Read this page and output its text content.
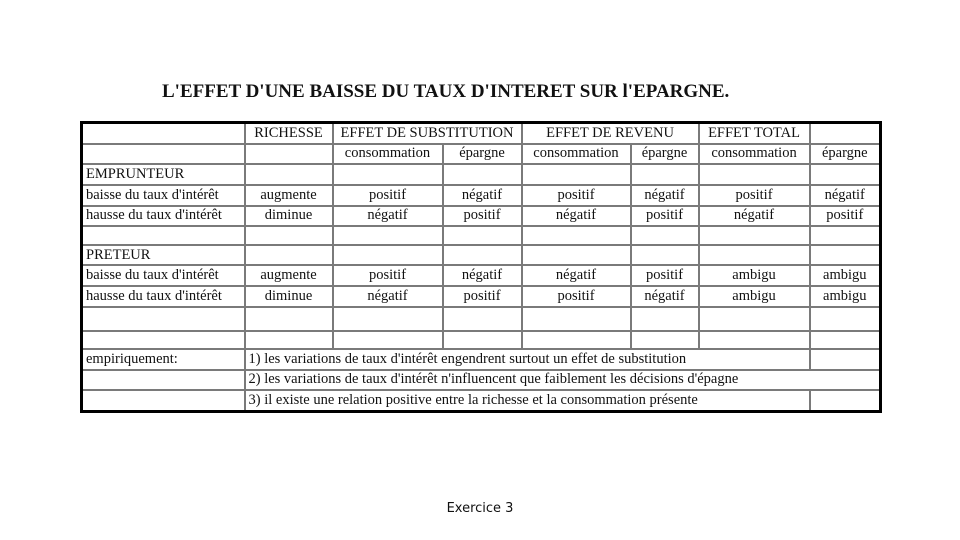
L'EFFET D'UNE BAISSE DU TAUX D'INTERET SUR l'EPARGNE.
	RICHESSE	EFFET DE SUBSTITUTION		EFFET DE REVENU		EFFET TOTAL	
		consommation	épargne	consommation	épargne	consommation	épargne
EMPRUNTEUR							
baisse du taux d'intérêt	augmente	positif	négatif	positif	négatif	positif	négatif
hausse du taux d'intérêt	diminue	négatif	positif	négatif	positif	négatif	positif

PRETEUR							
baisse du taux d'intérêt	augmente	positif	négatif	négatif	positif	ambigu	ambigu
hausse du taux d'intérêt	diminue	négatif	positif	positif	négatif	ambigu	ambigu

empiriquement:	1) les variations de taux d'intérêt engendrent surtout un effet de substitution						
	2) les variations de taux d'intérêt n'influencent que faiblement les décisions d'épagne						
	3) il existe une relation positive entre la richesse et la consommation présente						
Exercice 3
